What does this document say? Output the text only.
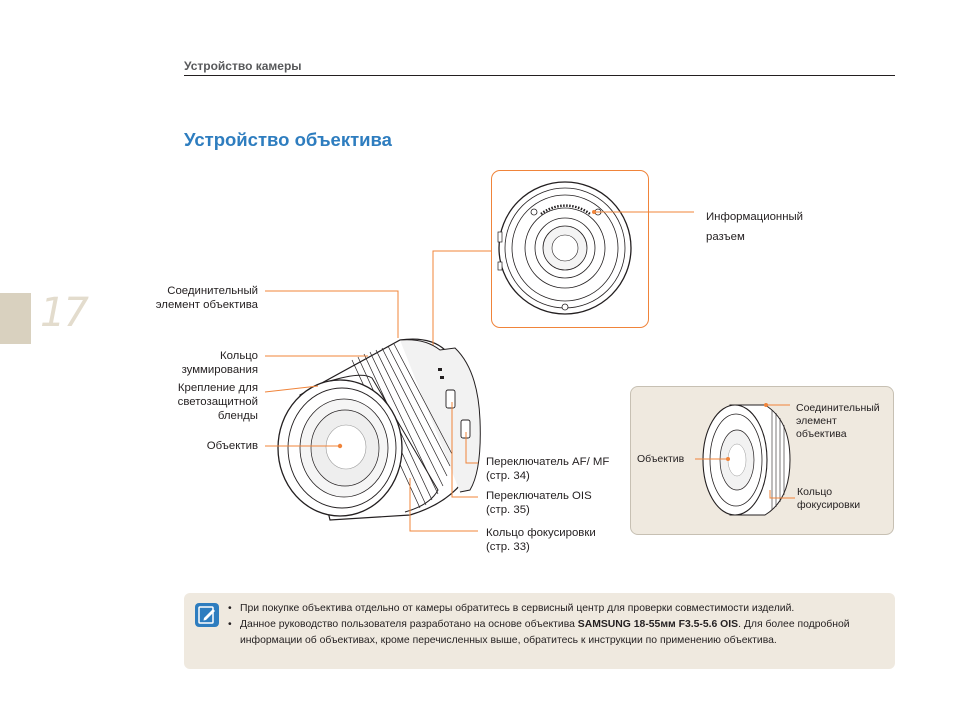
Устройство камеры
17
Устройство объектива
Соединительный элемент объектива
Кольцо зуммирования
Крепление для светозащитной бленды
Объектив
Информационный разъем
Переключатель AF/ MF (стр. 34)
Переключатель OIS (стр. 35)
Кольцо фокусировки (стр. 33)
Объектив
Соединительный элемент объектива
Кольцо фокусировки
• При покупке объектива отдельно от камеры обратитесь в сервисный центр для проверки совместимости изделий.
• Данное руководство пользователя разработано на основе объектива SAMSUNG 18-55мм F3.5-5.6 OIS. Для более подробной информации об объективах, кроме перечисленных выше, обратитесь к инструкции по применению объектива.
